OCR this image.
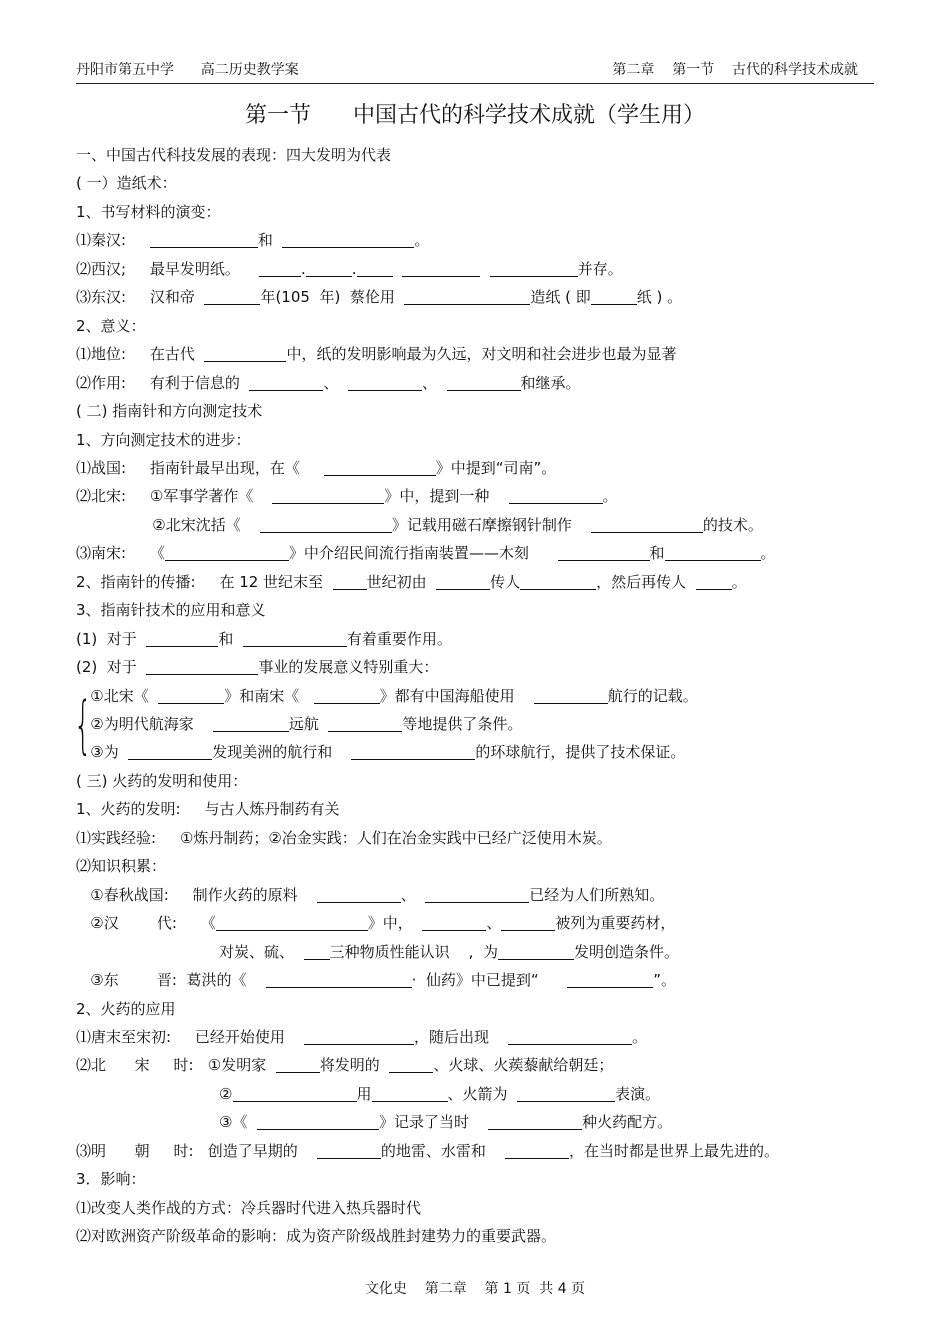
丹阳市第五中学      高二历史教学案	第二章    第一节    古代的科学技术成就
第一节      中国古代的科学技术成就（学生用）
{
一、中国古代科技发展的表现：四大发明为代表
( 一）造纸术：
1、书写材料的演变：
⑴秦汉:	和	。
⑵西汉;     最早发明纸。	.	.	并存。
⑶东汉:     汉和帝	年(105  年)  蔡伦用	造纸 ( 即	纸 ) 。
2、意义：
⑴地位:     在古代	中，纸的发明影响最为久远，对文明和社会进步也最为显著
⑵作用:     有利于信息的	、	、	和继承。
( 二) 指南针和方向测定技术
1、方向测定技术的进步：
⑴战国:     指南针最早出现，在《	》中提到“司南”。
⑵北宋:     ①军事学著作《	》中，提到一种	。
②北宋沈括《	》记载用磁石摩擦钢针制作	的技术。
⑶南宋:     《	》中介绍民间流行指南装置——木刻	和	。
2、指南针的传播:     在 12 世纪末至  世纪初由	传人	，然后再传人  。
3、指南针技术的应用和意义
(1)  对于	和	有着重要作用。
(2)  对于	事业的发展意义特别重大：
①北宋《	》和南宋《	》都有中国海船使用	航行的记载。
②为明代航海家	远航	等地提供了条件。
③为	发现美洲的航行和	的环球航行，提供了技术保证。
( 三) 火药的发明和使用：
1、火药的发明:     与古人炼丹制药有关
⑴实践经验:     ①炼丹制药；②冶金实践：人们在冶金实践中已经广泛使用木炭。
⑵知识积累：
①春秋战国:     制作火药的原料	、	已经为人们所熟知。
②汉        代:     《	》中，	、	被列为重要药材，
对炭、硫、  三种物质性能认识    ,  为	发明创造条件。
③东        晋:  葛洪的《	·  仙药》中已提到“	”。
2、火药的应用
⑴唐末至宋初:     已经开始使用	，随后出现	。
⑵北      宋     时:   ①发明家	将发明的	、火球、火蒺藜献给朝廷；
②	用	、火箭为	表演。
③《	》记录了当时	种火药配方。
⑶明      朝     时:   创造了早期的	的地雷、水雷和	，在当时都是世界上最先进的。
3．影响：
⑴改变人类作战的方式：冷兵器时代进入热兵器时代
⑵对欧洲资产阶级革命的影响：成为资产阶级战胜封建势力的重要武器。
文化史    第二章    第 1 页  共 4 页
